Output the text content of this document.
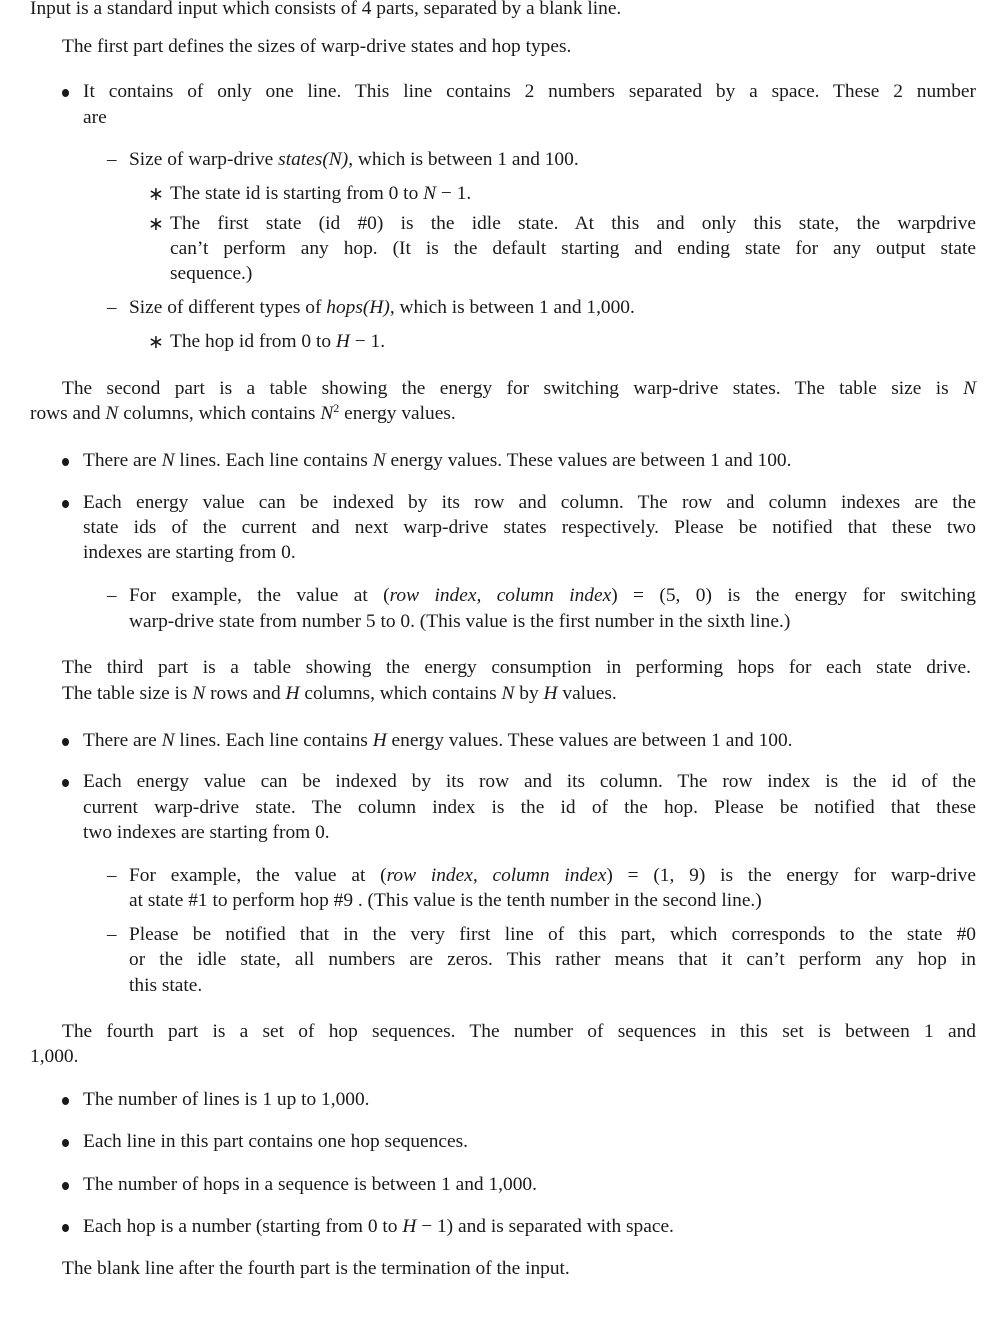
Input is a standard input which consists of 4 parts, separated by a blank line.
The first part defines the sizes of warp-drive states and hop types.
It contains of only one line. This line contains 2 numbers separated by a space. These 2 number
are
– Size of warp-drive states(N), which is between 1 and 100.
∗ The state id is starting from 0 to N − 1.
∗ The first state (id #0) is the idle state. At this and only this state, the warpdrive
can’t perform any hop. (It is the default starting and ending state for any output state
sequence.)
– Size of different types of hops(H), which is between 1 and 1,000.
∗ The hop id from 0 to H − 1.
The second part is a table showing the energy for switching warp-drive states. The table size is N
rows and N columns, which contains $N^2$ energy values.
There are N lines. Each line contains N energy values. These values are between 1 and 100.
Each energy value can be indexed by its row and column. The row and column indexes are the
state ids of the current and next warp-drive states respectively. Please be notified that these two
indexes are starting from 0.
– For example, the value at (row index, column index) = (5, 0) is the energy for switching
warp-drive state from number 5 to 0. (This value is the first number in the sixth line.)
The third part is a table showing the energy consumption in performing hops for each state drive.
The table size is N rows and H columns, which contains N by H values.
There are N lines. Each line contains H energy values. These values are between 1 and 100.
Each energy value can be indexed by its row and its column. The row index is the id of the
current warp-drive state. The column index is the id of the hop. Please be notified that these
two indexes are starting from 0.
– For example, the value at (row index, column index) = (1, 9) is the energy for warp-drive
at state #1 to perform hop #9 . (This value is the tenth number in the second line.)
– Please be notified that in the very first line of this part, which corresponds to the state #0
or the idle state, all numbers are zeros. This rather means that it can’t perform any hop in
this state.
The fourth part is a set of hop sequences. The number of sequences in this set is between 1 and
1,000.
The number of lines is 1 up to 1,000.
Each line in this part contains one hop sequences.
The number of hops in a sequence is between 1 and 1,000.
Each hop is a number (starting from 0 to H − 1) and is separated with space.
The blank line after the fourth part is the termination of the input.
